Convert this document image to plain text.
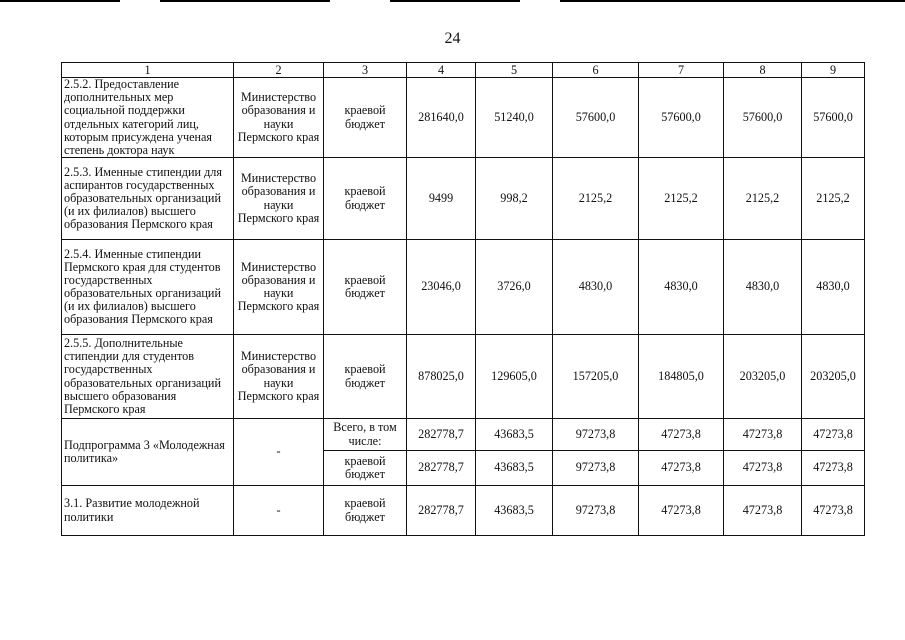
24
1	2	3	4	5	6	7	8	9
2.5.2. Предоставление дополнительных мер социальной поддержки отдельных категорий лиц, которым присуждена ученая степень доктора наук	Министерство образования и науки Пермского края	краевой бюджет	281640,0	51240,0	57600,0	57600,0	57600,0	57600,0
2.5.3. Именные стипендии для аспирантов государственных образовательных организаций (и их филиалов) высшего образования Пермского края	Министерство образования и науки Пермского края	краевой бюджет	9499	998,2	2125,2	2125,2	2125,2	2125,2
2.5.4. Именные стипендии Пермского края для студентов государственных образовательных организаций (и их филиалов) высшего образования Пермского края	Министерство образования и науки Пермского края	краевой бюджет	23046,0	3726,0	4830,0	4830,0	4830,0	4830,0
2.5.5. Дополнительные стипендии для студентов государственных образовательных организаций высшего образования Пермского края	Министерство образования и науки Пермского края	краевой бюджет	878025,0	129605,0	157205,0	184805,0	203205,0	203205,0
Подпрограмма 3 «Молодежная политика»	-	Всего, в том числе:	282778,7	43683,5	97273,8	47273,8	47273,8	47273,8
		краевой бюджет	282778,7	43683,5	97273,8	47273,8	47273,8	47273,8
3.1. Развитие молодежной политики	-	краевой бюджет	282778,7	43683,5	97273,8	47273,8	47273,8	47273,8
